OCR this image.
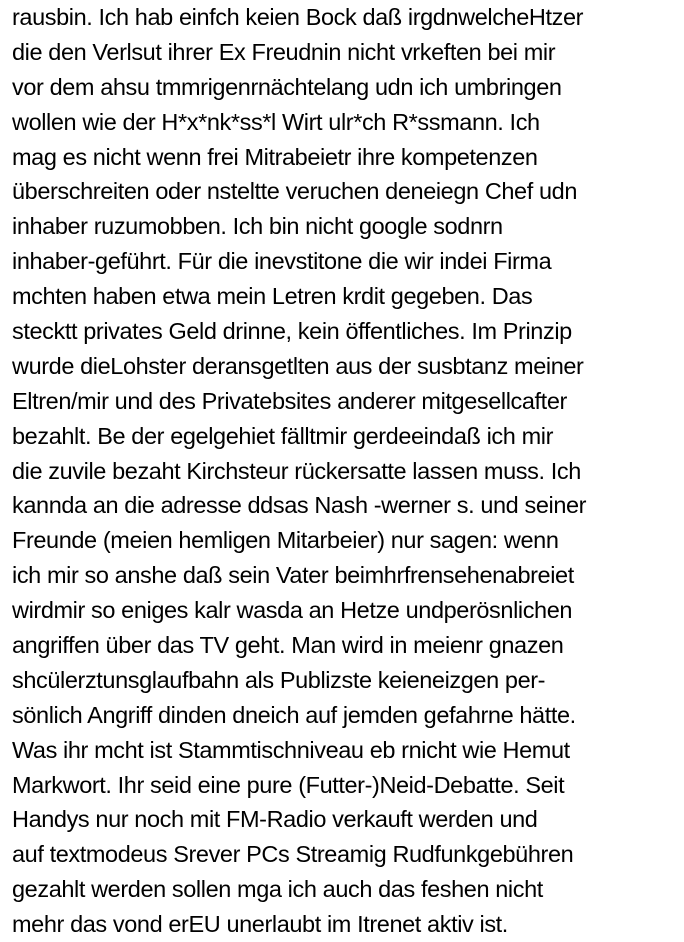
rausbin. Ich hab einfch keien Bock daß irgdnwelcheHtzer
die den Verlsut ihrer Ex Freudnin nicht vrkeften bei mir
vor dem ahsu tmmrigenrnächtelang udn ich umbringen
wollen wie der H*x*nk*ss*l Wirt ulr*ch R*ssmann. Ich
mag es nicht wenn frei Mitrabeietr ihre kompetenzen
überschreiten oder nsteltte veruchen deneiegn Chef udn
inhaber ruzumobben. Ich bin nicht google sodnrn
inhaber-geführt. Für die inevstitone die wir indei Firma
mchten haben etwa mein Letren krdit gegeben. Das
stecktt privates Geld drinne, kein öffentliches. Im Prinzip
wurde dieLohster deransgetlten aus der susbtanz meiner
Eltren/mir und des Privatebsites anderer mitgesellcafter
bezahlt. Be der egelgehiet fälltmir gerdeeindaß ich mir
die zuvile bezaht Kirchsteur rückersatte lassen muss. Ich
kannda an die adresse ddsas Nash -werner s. und seiner
Freunde (meien hemligen Mitarbeier) nur sagen: wenn
ich mir so anshe daß sein Vater beimhrfrensehenabreiet
wirdmir so eniges kalr wasda an Hetze undperösnlichen
angriffen über das TV geht. Man wird in meienr gnazen
shcülerztunsglaufbahn als Publizste keieneizgen per-
sönlich Angriff dinden dneich auf jemden gefahrne hätte.
Was ihr mcht ist Stammtischniveau eb rnicht wie Hemut
Markwort. Ihr seid eine pure (Futter-)Neid-Debatte. Seit
Handys nur noch mit FM-Radio verkauft werden und
auf textmodeus Srever PCs Streamig Rudfunkgebühren
gezahlt werden sollen mga ich auch das feshen nicht
mehr das vond erEU unerlaubt im Itrenet aktiv ist.
